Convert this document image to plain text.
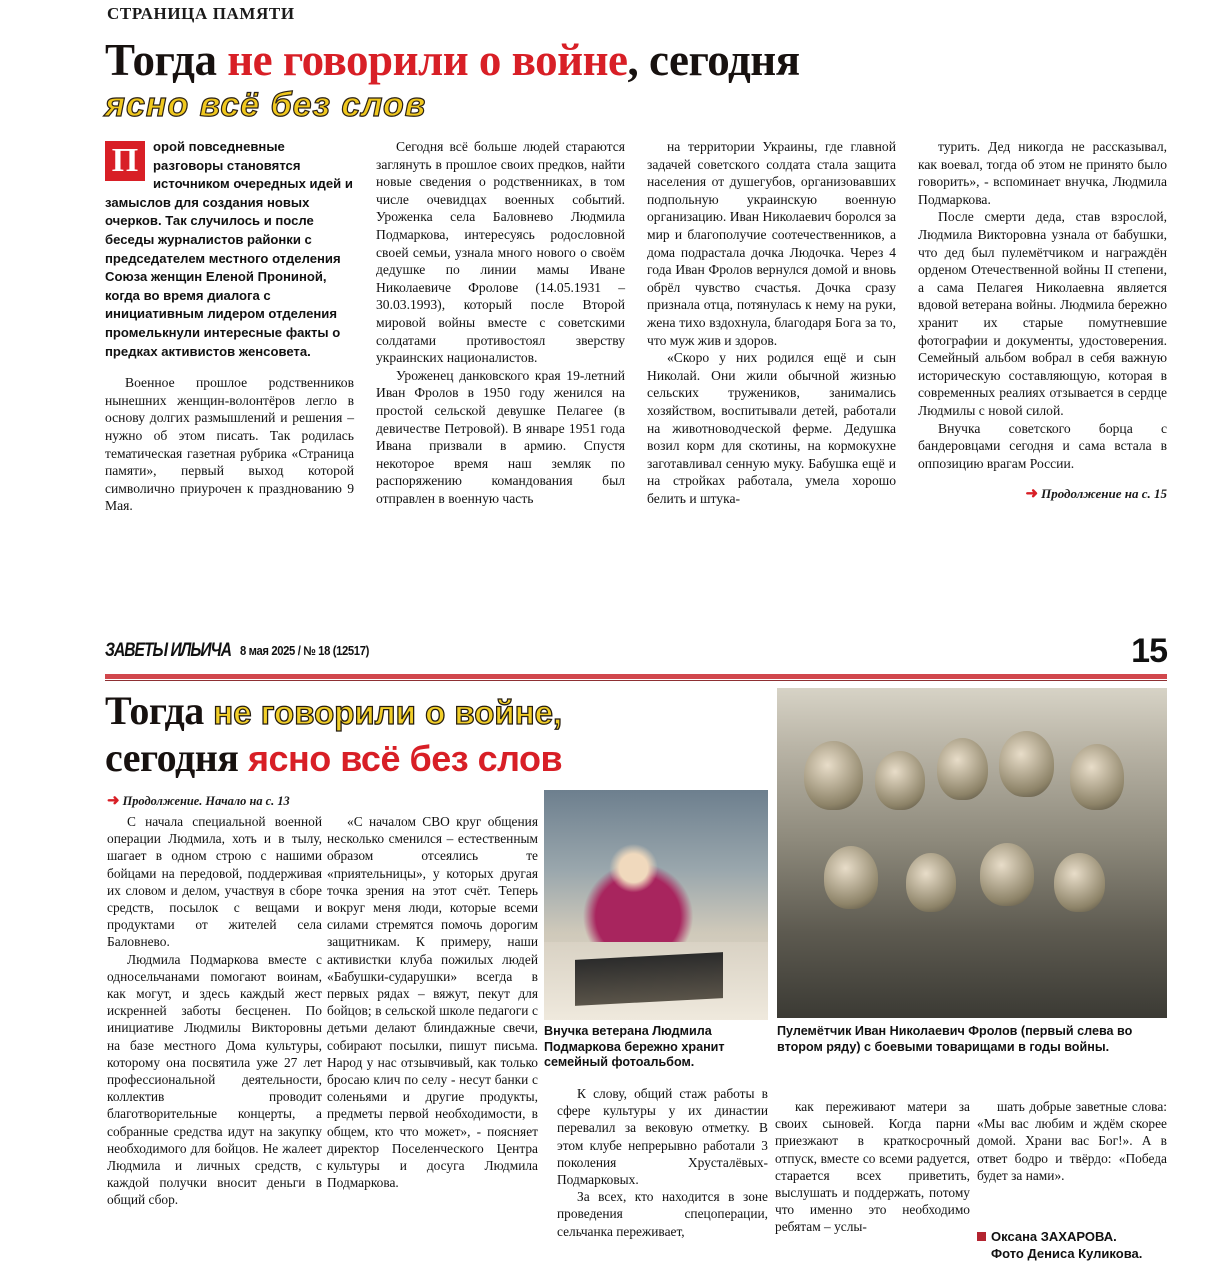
СТРАНИЦА ПАМЯТИ
Тогда не говорили о войне, сегодня
ясно всё без слов
П	орой повседневные разговоры становятся источником очередных идей и замыслов для создания новых очерков. Так случилось и после беседы журналистов районки с председателем местного отделения Союза женщин Еленой Прониной, когда во время диалога с инициативным лидером отделения промелькнули интересные факты о предках активистов женсовета.

Военное прошлое родственников нынешних женщин-волонтёров легло в основу долгих размышлений и решения – нужно об этом писать. Так родилась тематическая газетная рубрика «Страница памяти», первый выход которой символично приурочен к празднованию 9 Мая.

Сегодня всё больше людей стараются заглянуть в прошлое своих предков, найти новые сведения о родственниках, в том числе очевидцах военных событий. Уроженка села Баловнево Людмила Подмаркова, интересуясь родословной своей семьи, узнала много нового о своём дедушке по линии мамы Иване Николаевиче Фролове (14.05.1931 – 30.03.1993), который после Второй мировой войны вместе с советскими солдатами противостоял зверству украинских националистов.

Уроженец данковского края 19-летний Иван Фролов в 1950 году женился на простой сельской девушке Пелагее (в девичестве Петровой). В январе 1951 года Ивана призвали в армию. Спустя некоторое время наш земляк по распоряжению командования был отправлен в военную часть

на территории Украины, где главной задачей советского солдата стала защита населения от душегубов, организовавших подпольную украинскую военную организацию. Иван Николаевич боролся за мир и благополучие соотечественников, а дома подрастала дочка Людочка. Через 4 года Иван Фролов вернулся домой и вновь обрёл чувство счастья. Дочка сразу признала отца, потянулась к нему на руки, жена тихо вздохнула, благодаря Бога за то, что муж жив и здоров.

«Скоро у них родился ещё и сын Николай. Они жили обычной жизнью сельских тружеников, занимались хозяйством, воспитывали детей, работали на животноводческой ферме. Дедушка возил корм для скотины, на кормокухне заготавливал сенную муку. Бабушка ещё и на стройках работала, умела хорошо белить и штука-

турить. Дед никогда не рассказывал, как воевал, тогда об этом не принято было говорить», - вспоминает внучка, Людмила Подмаркова.

После смерти деда, став взрослой, Людмила Викторовна узнала от бабушки, что дед был пулемётчиком и награждён орденом Отечественной войны II степени, а сама Пелагея Николаевна является вдовой ветерана войны. Людмила бережно хранит их старые помутневшие фотографии и документы, удостоверения. Семейный альбом вобрал в себя важную историческую составляющую, которая в современных реалиях отзывается в сердце Людмилы с новой силой.

Внучка советского борца с бандеровцами сегодня и сама встала в оппозицию врагам России.

➜ Продолжение на с. 15
ЗАВЕТЫ ИЛЬИЧА 8 мая 2025 / № 18 (12517)	15
Тогда не говорили о войне,
сегодня ясно всё без слов
➜ Продолжение. Начало на с. 13

С начала специальной военной операции Людмила, хоть и в тылу, шагает в одном строю с нашими бойцами на передовой, поддерживая их словом и делом, участвуя в сборе средств, посылок с вещами и продуктами от жителей села Баловнево.

Людмила Подмаркова вместе с односельчанами помогают воинам, как могут, и здесь каждый жест искренней заботы бесценен. По инициативе Людмилы Викторовны на базе местного Дома культуры, которому она посвятила уже 27 лет профессиональной деятельности, коллектив проводит благотворительные концерты, а собранные средства идут на закупку необходимого для бойцов. Не жалеет Людмила и личных средств, с каждой получки вносит деньги в общий сбор.

«С началом СВО круг общения несколько сменился – естественным образом отсеялись те «приятельницы», у которых другая точка зрения на этот счёт. Теперь вокруг меня люди, которые всеми силами стремятся помочь дорогим защитникам. К примеру, наши активистки клуба пожилых людей «Бабушки-сударушки» всегда в первых рядах – вяжут, пекут для бойцов; в сельской школе педагоги с детьми делают блиндажные свечи, собирают посылки, пишут письма. Народ у нас отзывчивый, как только бросаю клич по селу - несут банки с соленьями и другие продукты, предметы первой необходимости, в общем, кто что может», - поясняет директор Поселенческого Центра культуры и досуга Людмила Подмаркова.

К слову, общий стаж работы в сфере культуры у их династии перевалил за вековую отметку. В этом клубе непрерывно работали 3 поколения Хрусталёвых-Подмарковых.

За всех, кто находится в зоне проведения спецоперации, сельчанка переживает,

как переживают матери за своих сыновей. Когда парни приезжают в краткосрочный отпуск, вместе со всеми радуется, старается всех приветить, выслушать и поддержать, потому что именно это необходимо ребятам – услы-

шать добрые заветные слова: «Мы вас любим и ждём скорее домой. Храни вас Бог!». А в ответ бодро и твёрдо: «Победа будет за нами».

Внучка ветерана Людмила Подмаркова бережно хранит семейный фотоальбом.
Пулемётчик Иван Николаевич Фролов (первый слева во втором ряду) с боевыми товарищами в годы войны.
Оксана ЗАХАРОВА.
Фото Дениса Куликова.
